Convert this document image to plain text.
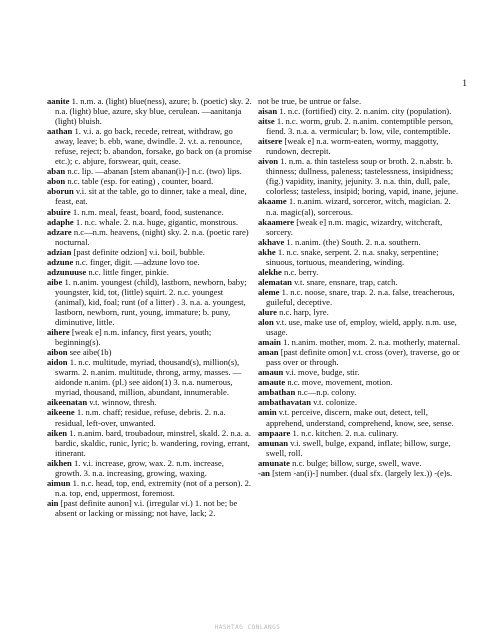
1
aanite 1. n.m. a. (light) blue(ness), azure; b. (poetic) sky. 2. n.a. (light) blue, azure, sky blue, cerulean. —aanitanja (light) bluish.
aathan 1. v.i. a. go back, recede, retreat, withdraw, go away, leave; b. ebb, wane, dwindle. 2. v.t. a. renounce, refuse, reject; b. abandon, forsake, go back on (a promise etc.); c. abjure, forswear, quit, cease.
aban n.c. lip. —abanan [stem abanan(i)-] n.c. (two) lips.
abon n.c. table (esp. for eating) , counter, board.
aborun v.i. sit at the table, go to dinner, take a meal, dine, feast, eat.
abuire 1. n.m. meal, feast, board, food, sustenance.
adaphe 1. n.c. whale. 2. n.a. huge, gigantic, monstrous.
adzare n.c—n.m. heavens, (night) sky. 2. n.a. (poetic rare) nocturnal.
adzian [past definite odzion] v.i. boil, bubble.
adzune n.c. finger, digit. —adzune lovo toe.
adzunuuse n.c. little finger, pinkie.
aibe 1. n.anim. youngest (child), lastborn, newborn, baby; youngster, kid, tot, (little) squirt. 2. n.c. youngest (animal), kid, foal; runt (of a litter) . 3. n.a. a. youngest, lastborn, newborn, runt, young, immature; b. puny, diminutive, little.
aihere [weak e] n.m. infancy, first years, youth; beginning(s).
aibon see aibe(1b)
aidon 1. n.c. multitude, myriad, thousand(s), million(s), swarm. 2. n.anim. multitude, throng, army, masses. —aidonde n.anim. (pl.) see aidon(1) 3. n.a. numerous, myriad, thousand, million, abundant, innumerable.
aikeenatan v.t. winnow, thresh.
aikeene 1. n.m. chaff; residue, refuse, debris. 2. n.a. residual, left-over, unwanted.
aiken 1. n.anim. bard, troubadour, minstrel, skald. 2. n.a. a. bardic, skaldic, runic, lyric; b. wandering, roving, errant, itinerant.
aikhen 1. v.i. increase, grow, wax. 2. n.m. increase, growth. 3. n.a. increasing, growing, waxing.
aimun 1. n.c. head, top, end, extremity (not of a person). 2. n.a. top, end, uppermost, foremost.
ain [past definite aunon] v.i. (irregular vi.) 1. not be; be absent or lacking or missing; not have, lack; 2.
not be true, be untrue or false.
aisan 1. n.c. (fortified) city. 2. n.anim. city (population).
aitse 1. n.c. worm, grub. 2. n.anim. contemptible person, fiend. 3. n.a. a. vermicular; b. low, vile, contemptible.
aitsere [weak e] n.a. worm-eaten, wormy, maggotty, rundown, decrepit.
aivon 1. n.m. a. thin tasteless soup or broth. 2. n.abstr. b. thinness; dullness, paleness; tastelessness, insipidness; (fig.) vapidity, inanity, jejunity. 3. n.a. thin, dull, pale, colorless; tasteless, insipid; boring, vapid, inane, jejune.
akaame 1. n.anim. wizard, sorceror, witch, magician. 2. n.a. magic(al), sorcerous.
akaamere [weak e] n.m. magic, wizardry, witchcraft, sorcery.
akhave 1. n.anim. (the) South. 2. n.a. southern.
akhe 1. n.c. snake, serpent. 2. n.a. snaky, serpentine; sinuous, tortuous, meandering, winding.
alekhe n.c. berry.
alematan v.t. snare, ensnare, trap, catch.
aleme 1. n.c. noose, snare, trap. 2. n.a. false, treacherous, guileful, deceptive.
alure n.c. harp, lyre.
alon v.t. use, make use of, employ, wield, apply. n.m. use, usage.
amain 1. n.anim. mother, mom. 2. n.a. motherly, maternal.
aman [past definite omon] v.t. cross (over), traverse, go or pass over or through.
amaun v.i. move, budge, stir.
amaute n.c. move, movement, motion.
ambathan n.c—n.p. colony.
ambathavatan v.t. colonize.
amin v.t. perceive, discern, make out, detect, tell, apprehend, understand, comprehend, know, see, sense.
ampaare 1. n.c. kitchen. 2. n.a. culinary.
amunan v.i. swell, bulge, expand, inflate; billow, surge, swell, roll.
amunate n.c. bulge; billow, surge, swell, wave.
-an [stem -an(i)-] number. (dual sfx. (largely lex.)) -(e)s.
HASHTAG CONLANGS
